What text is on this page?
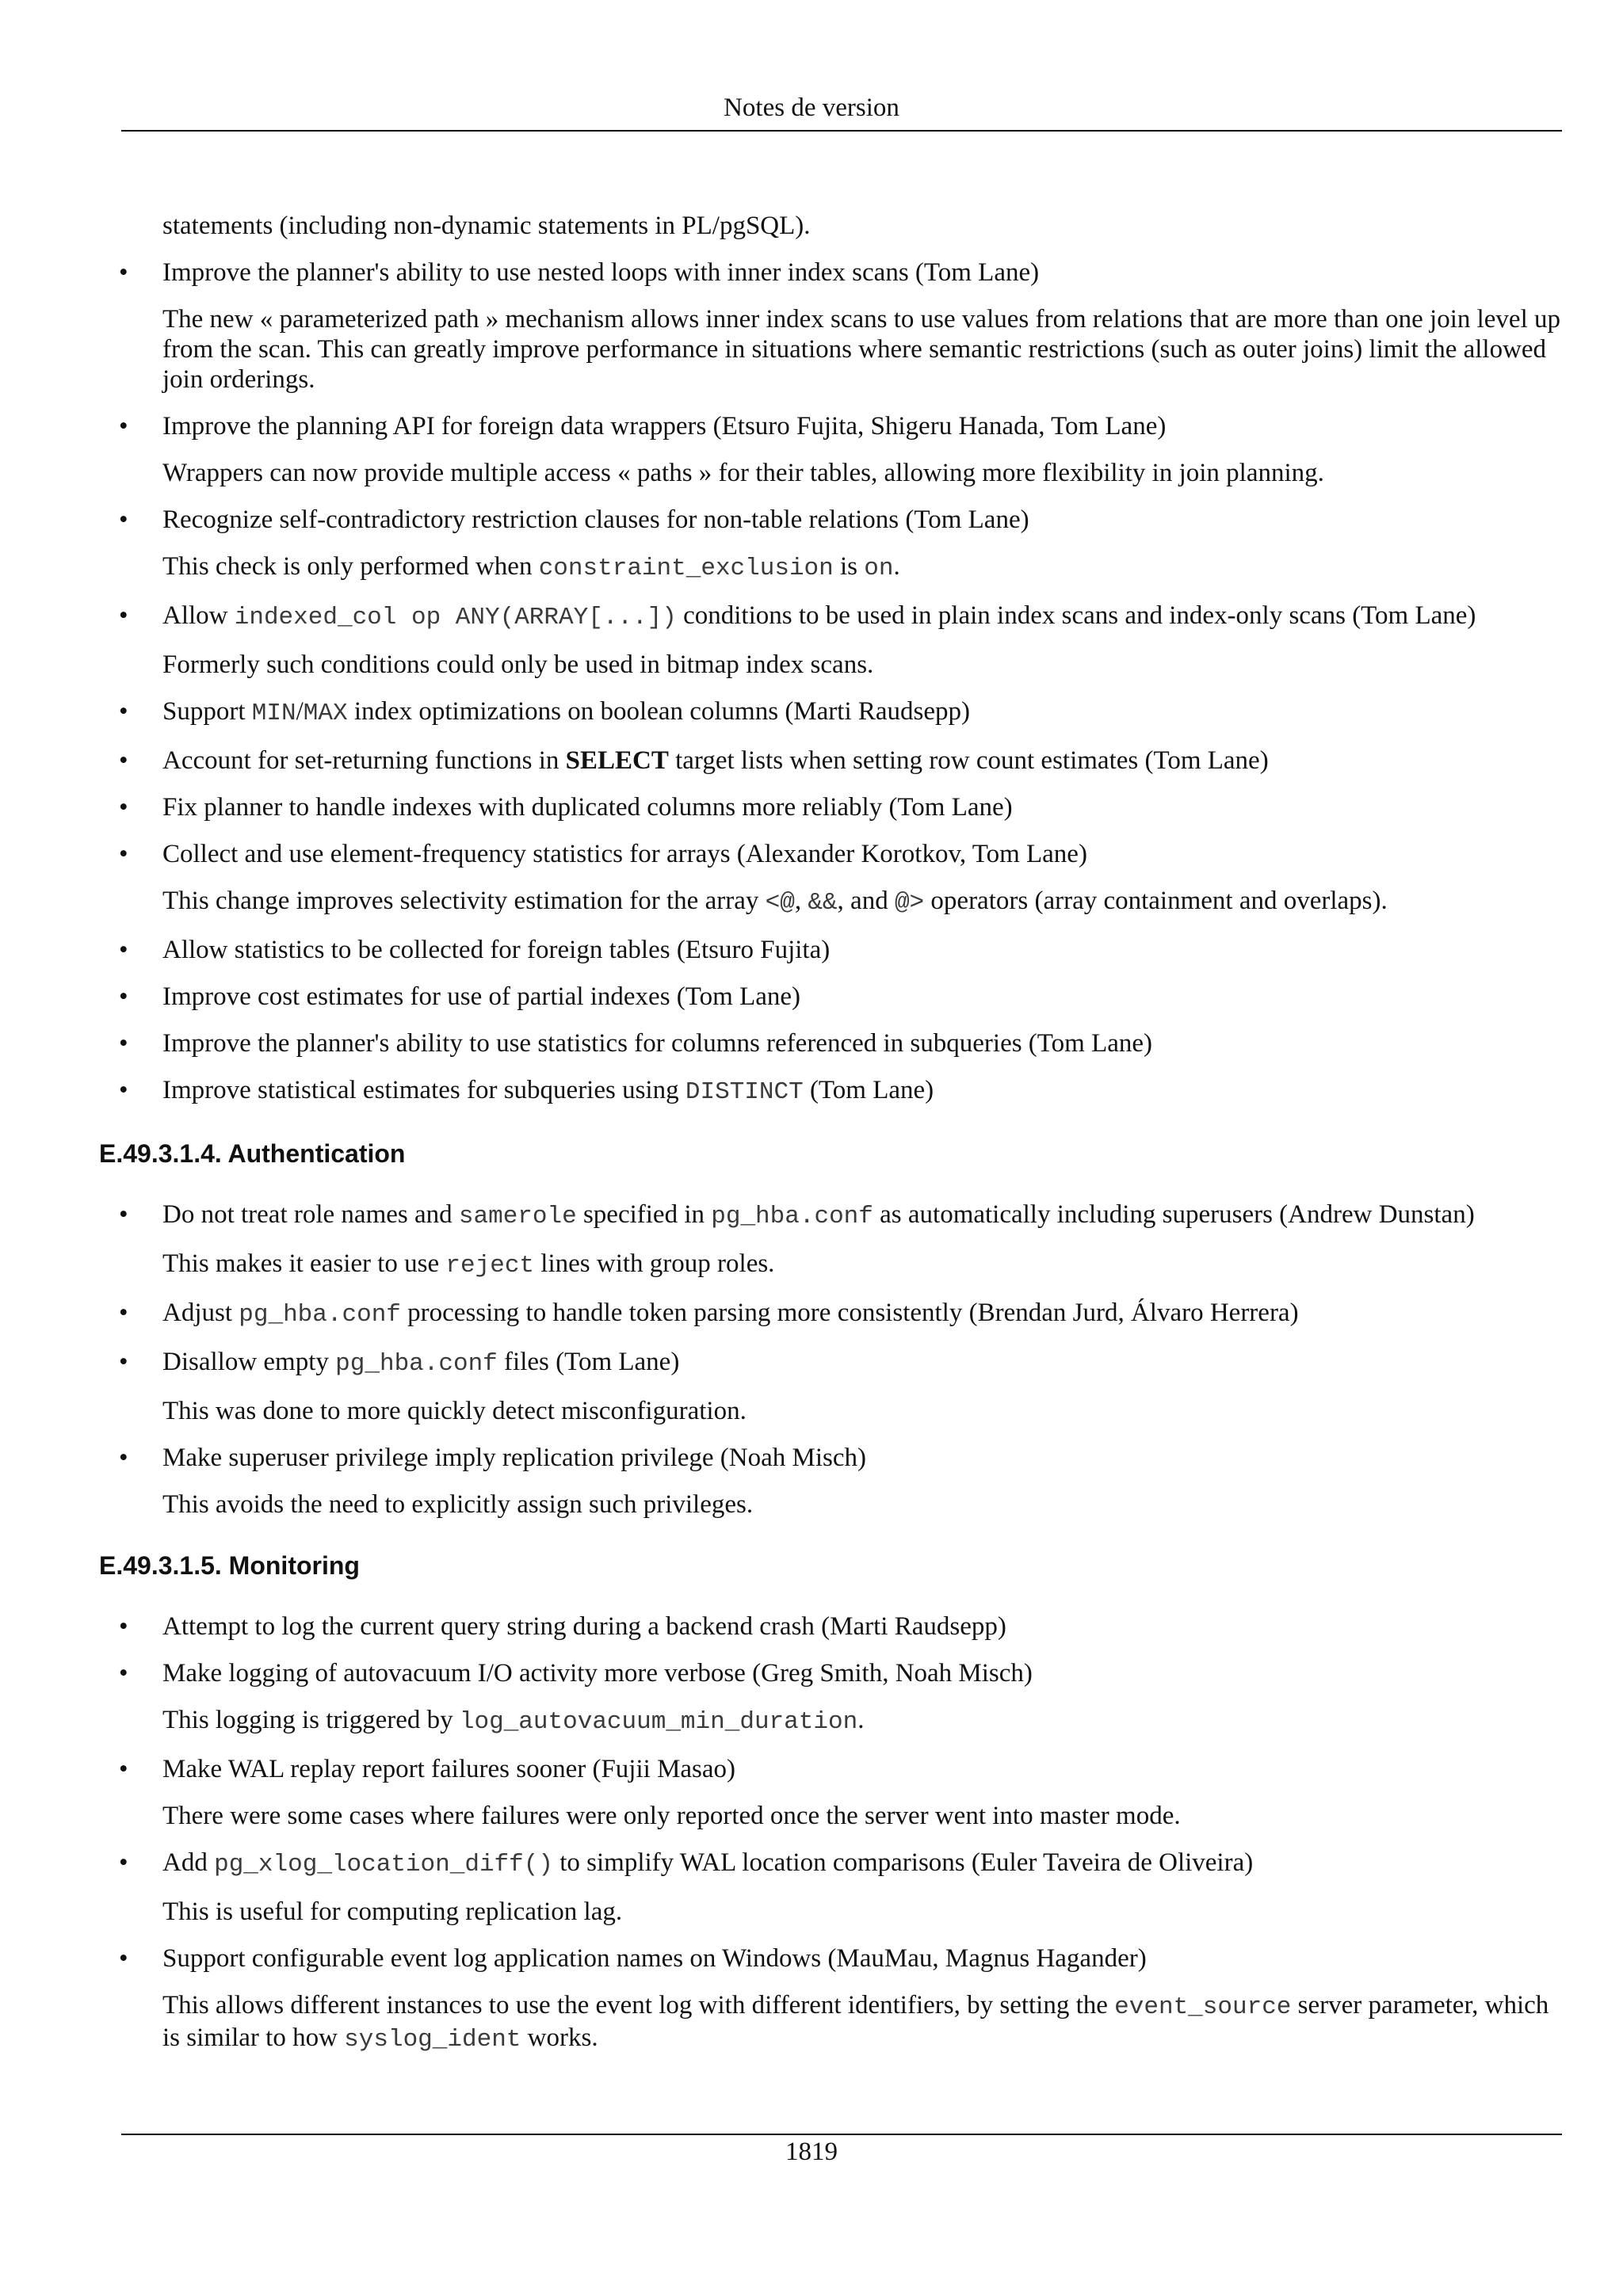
Notes de version

statements (including non-dynamic statements in PL/pgSQL).

• Improve the planner's ability to use nested loops with inner index scans (Tom Lane)

The new « parameterized path » mechanism allows inner index scans to use values from relations that are more than one join level up from the scan. This can greatly improve performance in situations where semantic restrictions (such as outer joins) limit the allowed join orderings.

• Improve the planning API for foreign data wrappers (Etsuro Fujita, Shigeru Hanada, Tom Lane)

Wrappers can now provide multiple access « paths » for their tables, allowing more flexibility in join planning.

• Recognize self-contradictory restriction clauses for non-table relations (Tom Lane)

This check is only performed when constraint_exclusion is on.

• Allow indexed_col op ANY(ARRAY[...]) conditions to be used in plain index scans and index-only scans (Tom Lane)

Formerly such conditions could only be used in bitmap index scans.

• Support MIN/MAX index optimizations on boolean columns (Marti Raudsepp)

• Account for set-returning functions in SELECT target lists when setting row count estimates (Tom Lane)

• Fix planner to handle indexes with duplicated columns more reliably (Tom Lane)

• Collect and use element-frequency statistics for arrays (Alexander Korotkov, Tom Lane)

This change improves selectivity estimation for the array <@, &&, and @> operators (array containment and overlaps).

• Allow statistics to be collected for foreign tables (Etsuro Fujita)

• Improve cost estimates for use of partial indexes (Tom Lane)

• Improve the planner's ability to use statistics for columns referenced in subqueries (Tom Lane)

• Improve statistical estimates for subqueries using DISTINCT (Tom Lane)

E.49.3.1.4. Authentication

• Do not treat role names and samerole specified in pg_hba.conf as automatically including superusers (Andrew Dunstan)

This makes it easier to use reject lines with group roles.

• Adjust pg_hba.conf processing to handle token parsing more consistently (Brendan Jurd, Álvaro Herrera)

• Disallow empty pg_hba.conf files (Tom Lane)

This was done to more quickly detect misconfiguration.

• Make superuser privilege imply replication privilege (Noah Misch)

This avoids the need to explicitly assign such privileges.

E.49.3.1.5. Monitoring

• Attempt to log the current query string during a backend crash (Marti Raudsepp)

• Make logging of autovacuum I/O activity more verbose (Greg Smith, Noah Misch)

This logging is triggered by log_autovacuum_min_duration.

• Make WAL replay report failures sooner (Fujii Masao)

There were some cases where failures were only reported once the server went into master mode.

• Add pg_xlog_location_diff() to simplify WAL location comparisons (Euler Taveira de Oliveira)

This is useful for computing replication lag.

• Support configurable event log application names on Windows (MauMau, Magnus Hagander)

This allows different instances to use the event log with different identifiers, by setting the event_source server parameter, which is similar to how syslog_ident works.

1819
